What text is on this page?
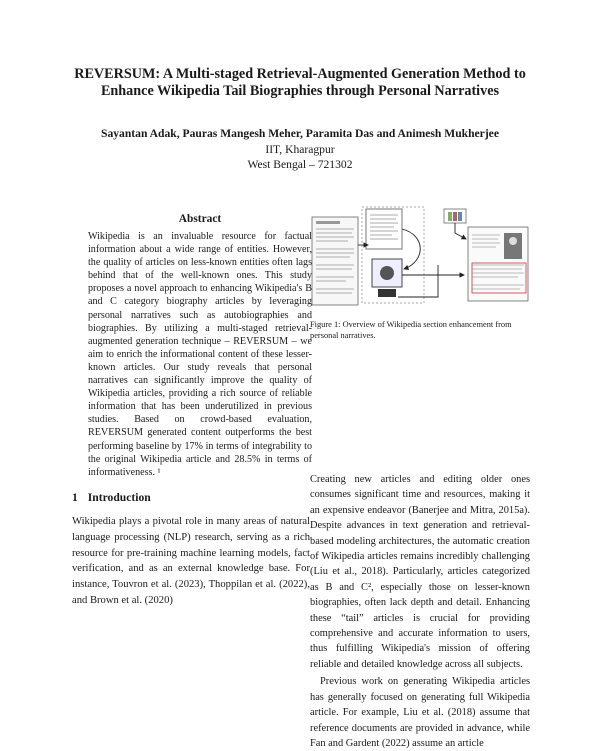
REVERSUM: A Multi-staged Retrieval-Augmented Generation Method to
Enhance Wikipedia Tail Biographies through Personal Narratives
Sayantan Adak, Pauras Mangesh Meher, Paramita Das and Animesh Mukherjee
IIT, Kharagpur
West Bengal – 721302
Abstract
Wikipedia is an invaluable resource for factual information about a wide range of entities. However, the quality of articles on less-known entities often lags behind that of the well-known ones. This study proposes a novel approach to enhancing Wikipedia's B and C category biography articles by leveraging personal narratives such as autobiographies and biographies. By utilizing a multi-staged retrieval-augmented generation technique – REVERSUM – we aim to enrich the informational content of these lesser-known articles. Our study reveals that personal narratives can significantly improve the quality of Wikipedia articles, providing a rich source of reliable information that has been underutilized in previous studies. Based on crowd-based evaluation, REVERSUM generated content outperforms the best performing baseline by 17% in terms of integrability to the original Wikipedia article and 28.5% in terms of informativeness. ¹
1 Introduction
Wikipedia plays a pivotal role in many areas of natural language processing (NLP) research, serving as a rich resource for pre-training machine learning models, fact verification, and as an external knowledge base. For instance, Touvron et al. (2023), Thoppilan et al. (2022), and Brown et al. (2020)
Figure 1: Overview of Wikipedia section enhancement from personal narratives.

Creating new articles and editing older ones consumes significant time and resources, making it an expensive endeavor (Banerjee and Mitra, 2015a). Despite advances in text generation and retrieval-based modeling architectures, the automatic creation of Wikipedia articles remains incredibly challenging (Liu et al., 2018). Particularly, articles categorized as B and C², especially those on lesser-known biographies, often lack depth and detail. Enhancing these “tail” articles is crucial for providing comprehensive and accurate information to users, thus fulfilling Wikipedia's mission of offering reliable and detailed knowledge across all subjects.

Previous work on generating Wikipedia articles has generally focused on generating full Wikipedia article. For example, Liu et al. (2018) assume that reference documents are provided in advance, while Fan and Gardent (2022) assume an article
